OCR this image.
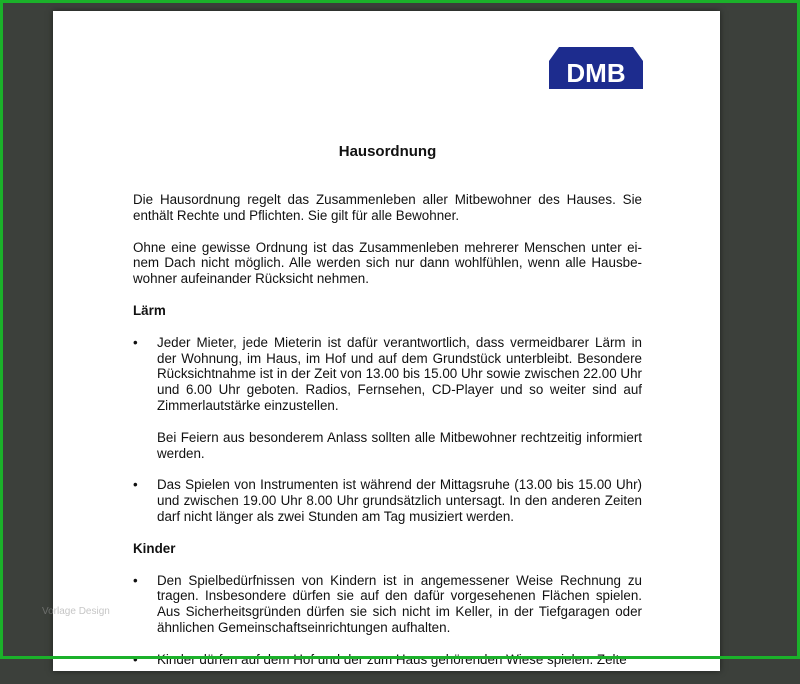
DMB
Hausordnung

Die Hausordnung regelt das Zusammenleben aller Mitbewohner des Hauses. Sie enthält Rechte und Pflichten. Sie gilt für alle Bewohner.

Ohne eine gewisse Ordnung ist das Zusammenleben mehrerer Menschen unter ei-nem Dach nicht möglich. Alle werden sich nur dann wohlfühlen, wenn alle Hausbe-wohner aufeinander Rücksicht nehmen.

Lärm
• Jeder Mieter, jede Mieterin ist dafür verantwortlich, dass vermeidbarer Lärm in der Wohnung, im Haus, im Hof und auf dem Grundstück unterbleibt. Besondere Rücksichtnahme ist in der Zeit von 13.00 bis 15.00 Uhr sowie zwischen 22.00 Uhr und 6.00 Uhr geboten. Radios, Fernsehen, CD-Player und so weiter sind auf Zimmerlautstärke einzustellen.

Bei Feiern aus besonderem Anlass sollten alle Mitbewohner rechtzeitig informiert werden.

• Das Spielen von Instrumenten ist während der Mittagsruhe (13.00 bis 15.00 Uhr) und zwischen 19.00 Uhr 8.00 Uhr grundsätzlich untersagt. In den anderen Zeiten darf nicht länger als zwei Stunden am Tag musiziert werden.

Kinder
• Den Spielbedürfnissen von Kindern ist in angemessener Weise Rechnung zu tragen. Insbesondere dürfen sie auf den dafür vorgesehenen Flächen spielen. Aus Sicherheitsgründen dürfen sie sich nicht im Keller, in der Tiefgaragen oder ähnlichen Gemeinschaftseinrichtungen aufhalten.

• Kinder dürfen auf dem Hof und der zum Haus gehörenden Wiese spielen. Zelte

Vorlage Design
